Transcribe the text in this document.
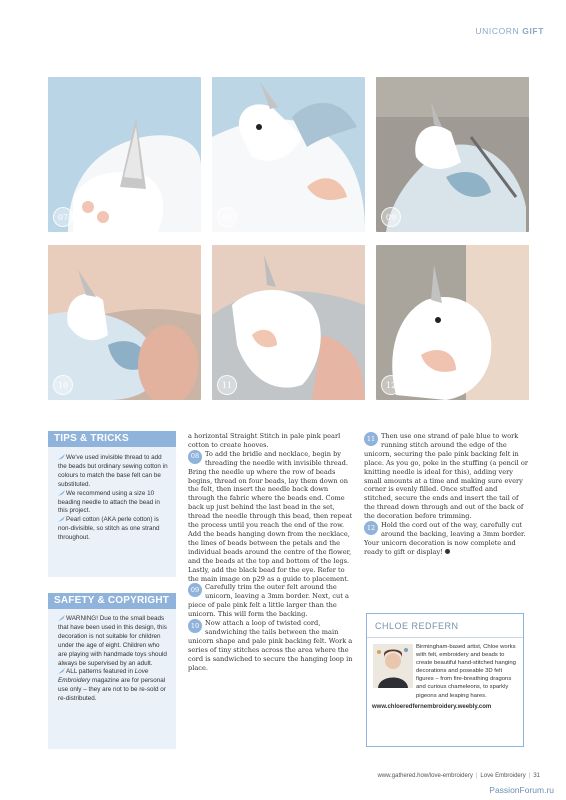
UNICORN GIFT
07	08	09
10	11	12
TIPS & TRICKS
We've used invisible thread to add the beads but ordinary sewing cotton in colours to match the base felt can be substituted.
We recommend using a size 10 beading needle to attach the bead in this project.
Pearl cotton (AKA perle cotton) is non-divisible, so stitch as one strand throughout.
SAFETY & COPYRIGHT
WARNING! Due to the small beads that have been used in this design, this decoration is not suitable for children under the age of eight. Children who are playing with handmade toys should always be supervised by an adult.
ALL patterns featured in Love Embroidery magazine are for personal use only – they are not to be re-sold or re-distributed.

a horizontal Straight Stitch in pale pink pearl cotton to create hooves.

08 To add the bridle and necklace, begin by threading the needle with invisible thread. Bring the needle up where the row of beads begins, thread on four beads, lay them down on the felt, then insert the needle back down through the fabric where the beads end. Come back up just behind the last bead in the set, thread the needle through this bead, then repeat the process until you reach the end of the row. Add the beads hanging down from the necklace, the lines of beads between the petals and the individual beads around the centre of the flower, and the beads at the top and bottom of the legs. Lastly, add the black bead for the eye. Refer to the main image on p29 as a guide to placement.

09 Carefully trim the outer felt around the unicorn, leaving a 3mm border. Next, cut a piece of pale pink felt a little larger than the unicorn. This will form the backing.

10 Now attach a loop of twisted cord, sandwiching the tails between the main unicorn shape and pale pink backing felt. Work a series of tiny stitches across the area where the cord is sandwiched to secure the hanging loop in place.

11 Then use one strand of pale blue to work running stitch around the edge of the unicorn, securing the pale pink backing felt in place. As you go, poke in the stuffing (a pencil or knitting needle is ideal for this), adding very small amounts at a time and making sure every corner is evenly filled. Once stuffed and stitched, secure the ends and insert the tail of the thread down through and out of the back of the decoration before trimming.

12 Hold the cord out of the way, carefully cut around the backing, leaving a 3mm border. Your unicorn decoration is now complete and ready to gift or display!

CHLOE REDFERN
Birmingham-based artist, Chloe works with felt, embroidery and beads to create beautiful hand-stitched hanging decorations and poseable 3D felt figures – from fire-breathing dragons and curious chameleons, to sparkly pigeons and leaping hares.
www.chloeredfernembroidery.weebly.com
www.gathered.how/love-embroidery | Love Embroidery | 31
PassionForum.ru
